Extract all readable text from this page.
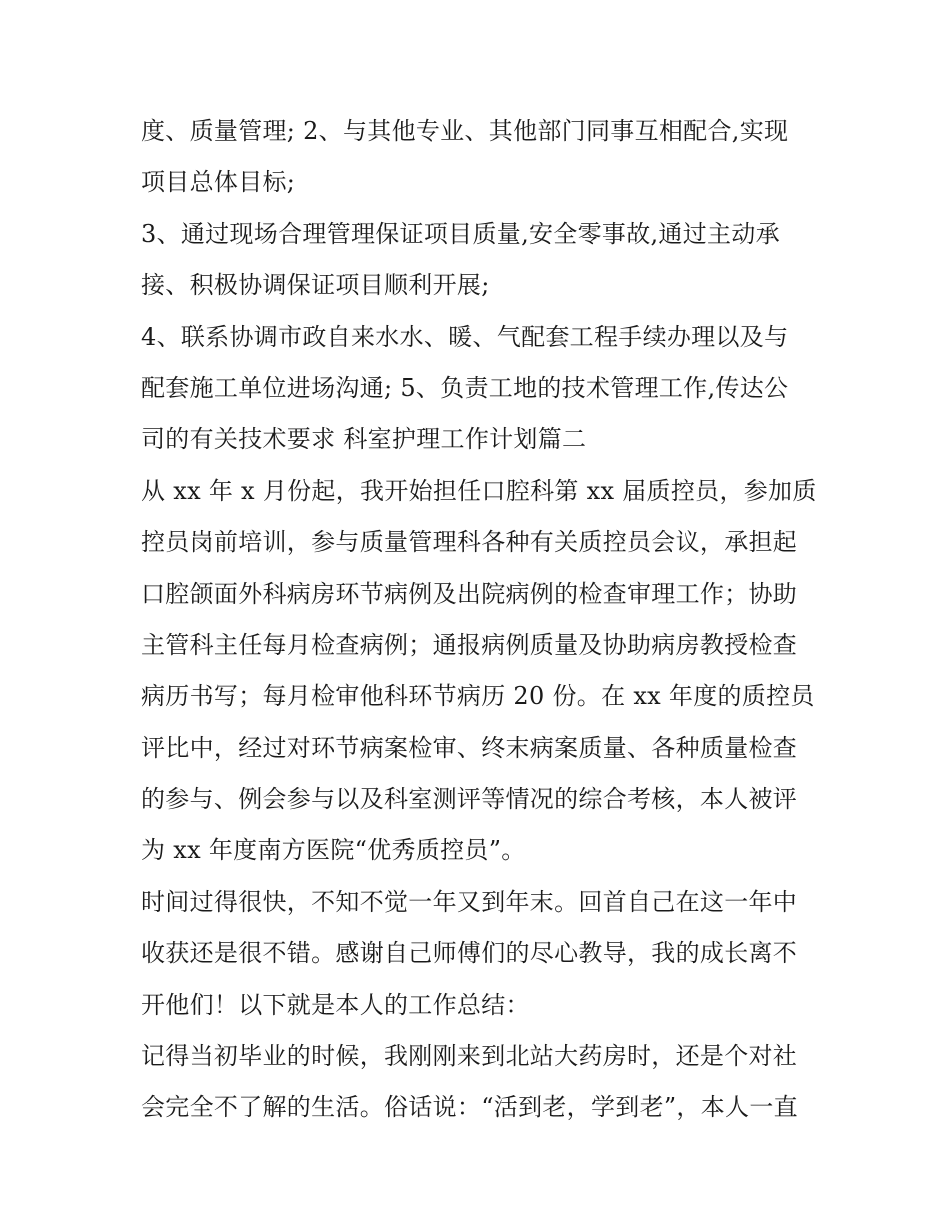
度、质量管理; 2、与其他专业、其他部门同事互相配合,实现
项目总体目标;
3、通过现场合理管理保证项目质量,安全零事故,通过主动承
接、积极协调保证项目顺利开展;
4、联系协调市政自来水水、暖、气配套工程手续办理以及与
配套施工单位进场沟通; 5、负责工地的技术管理工作,传达公
司的有关技术要求 科室护理工作计划篇二
从 xx 年 x 月份起，我开始担任口腔科第 xx 届质控员，参加质
控员岗前培训，参与质量管理科各种有关质控员会议，承担起
口腔颌面外科病房环节病例及出院病例的检查审理工作；协助
主管科主任每月检查病例；通报病例质量及协助病房教授检查
病历书写；每月检审他科环节病历 20 份。在 xx 年度的质控员
评比中，经过对环节病案检审、终末病案质量、各种质量检查
的参与、例会参与以及科室测评等情况的综合考核，本人被评
为 xx 年度南方医院“优秀质控员”。
时间过得很快，不知不觉一年又到年末。回首自己在这一年中
收获还是很不错。感谢自己师傅们的尽心教导，我的成长离不
开他们！以下就是本人的工作总结：
记得当初毕业的时候，我刚刚来到北站大药房时，还是个对社
会完全不了解的生活。俗话说：“活到老，学到老”，本人一直
